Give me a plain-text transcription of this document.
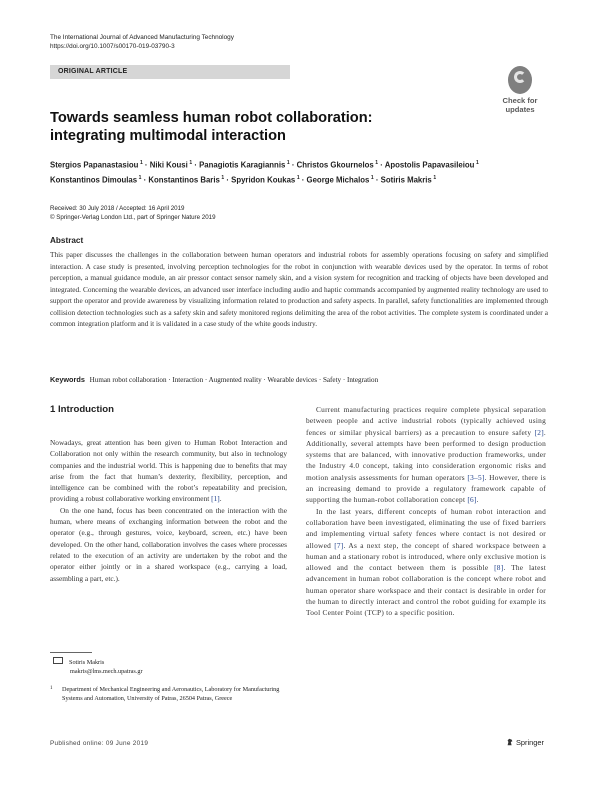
The International Journal of Advanced Manufacturing Technology
https://doi.org/10.1007/s00170-019-03790-3
ORIGINAL ARTICLE
Check for
updates
Towards seamless human robot collaboration:
integrating multimodal interaction
Stergios Papanastasiou  $^1$ · Niki Kousi  $^1$ · Panagiotis Karagiannis  $^1$ · Christos Gkournelos  $^1$ · Apostolis Papavasileiou  $^1$
Konstantinos Dimoulas  $^1$ · Konstantinos Baris  $^1$ · Spyridon Koukas  $^1$ · George Michalos  $^1$ · Sotiris Makris  $^1$
Received: 30 July 2018 / Accepted: 16 April 2019
© Springer-Verlag London Ltd., part of Springer Nature 2019
Abstract

This paper discusses the challenges in the collaboration between human operators and industrial robots for assembly operations focusing on safety and simplified interaction. A case study is presented, involving perception technologies for the robot in conjunction with wearable devices used by the operator. In terms of robot perception, a manual guidance module, an air pressor contact sensor namely skin, and a vision system for recognition and tracking of objects have been developed and integrated. Concerning the wearable devices, an advanced user interface including audio and haptic commands accompanied by augmented reality technology are used to support the operator and provide awareness by visualizing information related to production and safety aspects. In parallel, safety functionalities are implemented through collision detection technologies such as a safety skin and safety monitored regions delimiting the area of the robot activities. The complete system is coordinated under a common integration platform and it is validated in a case study of the white goods industry.

Keywords Human robot collaboration · Interaction · Augmented reality · Wearable devices · Safety · Integration
1 Introduction

Nowadays, great attention has been given to Human Robot Interaction and Collaboration not only within the research community, but also in technology companies and the industrial world. This is happening due to benefits that may arise from the fact that human’s dexterity, flexibility, perception, and intelligence can be combined with the robot’s repeatability and precision, providing a robust collaborative working environment [1].

On the one hand, focus has been concentrated on the interaction with the human, where means of exchanging information between the robot and the operator (e.g., through gestures, voice, keyboard, screen, etc.) have been developed. On the other hand, collaboration involves the cases where processes related to the execution of an activity are undertaken by the robot and the operator either jointly or in a shared workspace (e.g., carrying a load, assembling a part, etc.).

Current manufacturing practices require complete physical separation between people and active industrial robots (typically achieved using fences or similar physical barriers) as a precaution to ensure safety [2]. Additionally, several attempts have been performed to design production systems that are balanced, with innovative production frameworks, under the Industry 4.0 concept, taking into consideration ergonomic risks and motion analysis assessments for human operators [3–5]. However, there is an increasing demand to provide a regulatory framework capable of supporting the human-robot collaboration concept [6].

In the last years, different concepts of human robot interaction and collaboration have been investigated, eliminating the use of fixed barriers and implementing virtual safety fences where contact is not desired or allowed [7]. As a next step, the concept of shared workspace between a human and a stationary robot is introduced, where only exclusive motion is allowed and the contact between them is possible [8]. The latest advancement in human robot collaboration is the concept where robot and human operator share workspace and their contact is desirable in order for the human to directly interact and control the robot guiding for example its Tool Center Point (TCP) to a specific position.

Sotiris Makris
makris@lms.mech.upatras.gr
1	Department of Mechanical Engineering and Aeronautics, Laboratory for Manufacturing Systems and Automation, University of Patras, 26504 Patras, Greece
Published online: 09 June 2019	Springer
